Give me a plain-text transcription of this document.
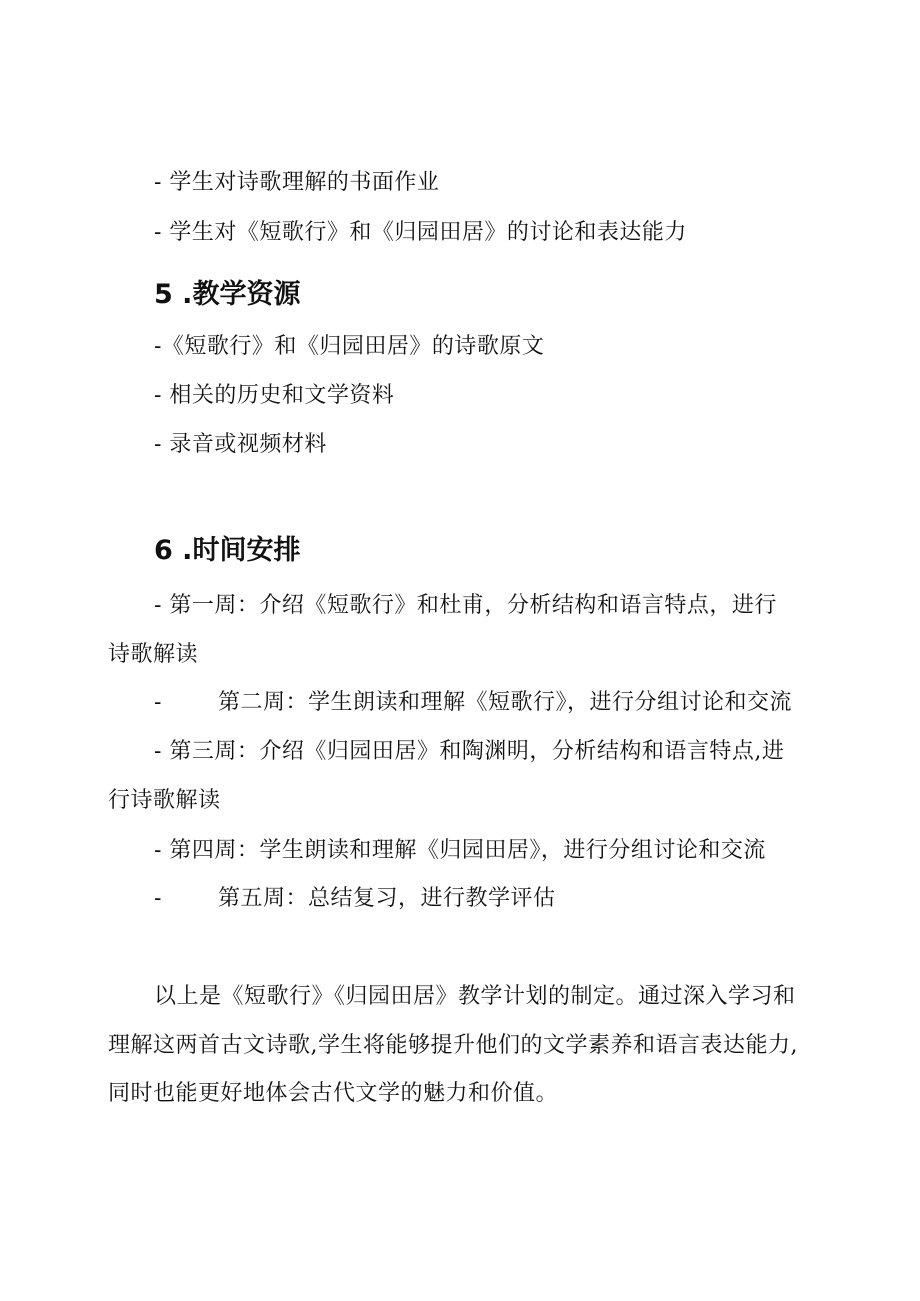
- 学生对诗歌理解的书面作业
- 学生对《短歌行》和《归园田居》的讨论和表达能力
5 .教学资源
-《短歌行》和《归园田居》的诗歌原文
- 相关的历史和文学资料
- 录音或视频材料
6 .时间安排
- 第一周：介绍《短歌行》和杜甫，分析结构和语言特点，进行
诗歌解读
-	第二周：学生朗读和理解《短歌行》，进行分组讨论和交流
- 第三周：介绍《归园田居》和陶渊明，分析结构和语言特点,进
行诗歌解读
- 第四周：学生朗读和理解《归园田居》，进行分组讨论和交流
-	第五周：总结复习，进行教学评估
以上是《短歌行》《归园田居》教学计划的制定。通过深入学习和
理解这两首古文诗歌,学生将能够提升他们的文学素养和语言表达能力,
同时也能更好地体会古代文学的魅力和价值。
